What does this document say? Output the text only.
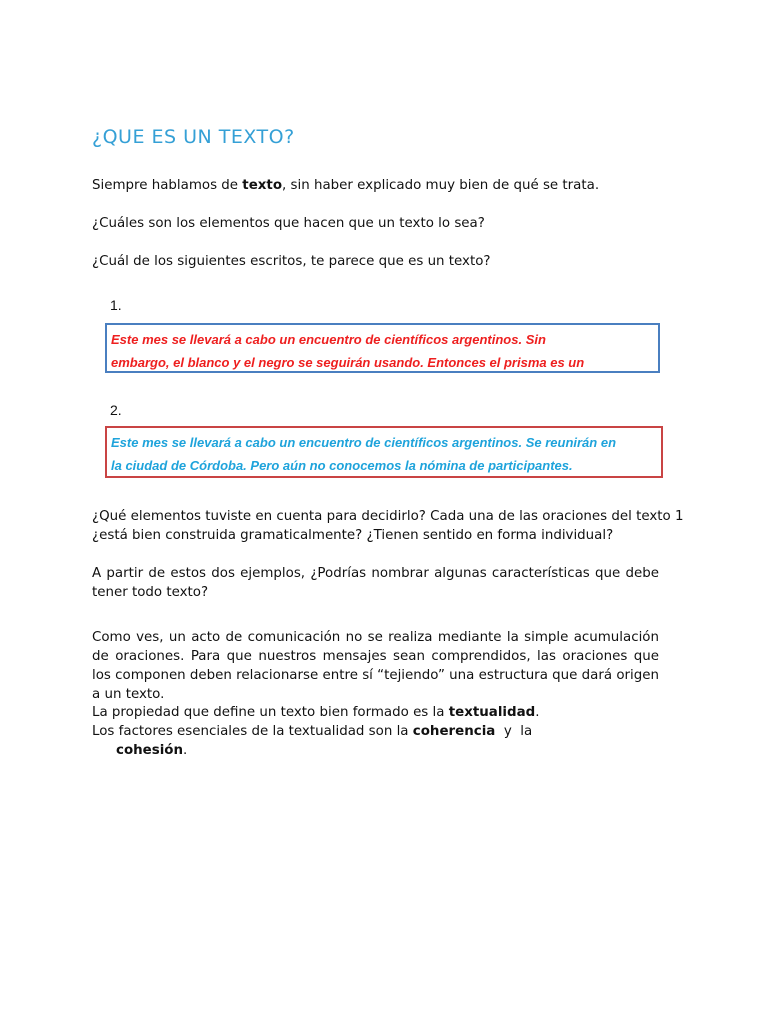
¿QUE ES UN TEXTO?
Siempre hablamos de texto, sin haber explicado muy bien de qué se trata.
¿Cuáles son los elementos que hacen que un texto lo sea?
¿Cuál de los siguientes escritos, te parece que es un texto?
1.
Este mes se llevará a cabo un encuentro de científicos argentinos. Sin
embargo, el blanco y el negro se seguirán usando. Entonces el prisma es un
2.
Este mes se llevará a cabo un encuentro de científicos argentinos. Se reunirán en
la ciudad de Córdoba. Pero aún no conocemos la nómina de participantes.
¿Qué elementos tuviste en cuenta para decidirlo? Cada una de las oraciones del texto 1
¿está bien construida gramaticalmente? ¿Tienen sentido en forma individual?
A partir de estos dos ejemplos, ¿Podrías nombrar algunas características que debe tener todo texto?
Como ves, un acto de comunicación no se realiza mediante la simple acumulación de oraciones. Para que nuestros mensajes sean comprendidos, las oraciones que los componen deben relacionarse entre sí “tejiendo” una estructura que dará origen a un texto.
La propiedad que define un texto bien formado es la textualidad.
Los factores esenciales de la textualidad son la coherencia  y  la
cohesión.
